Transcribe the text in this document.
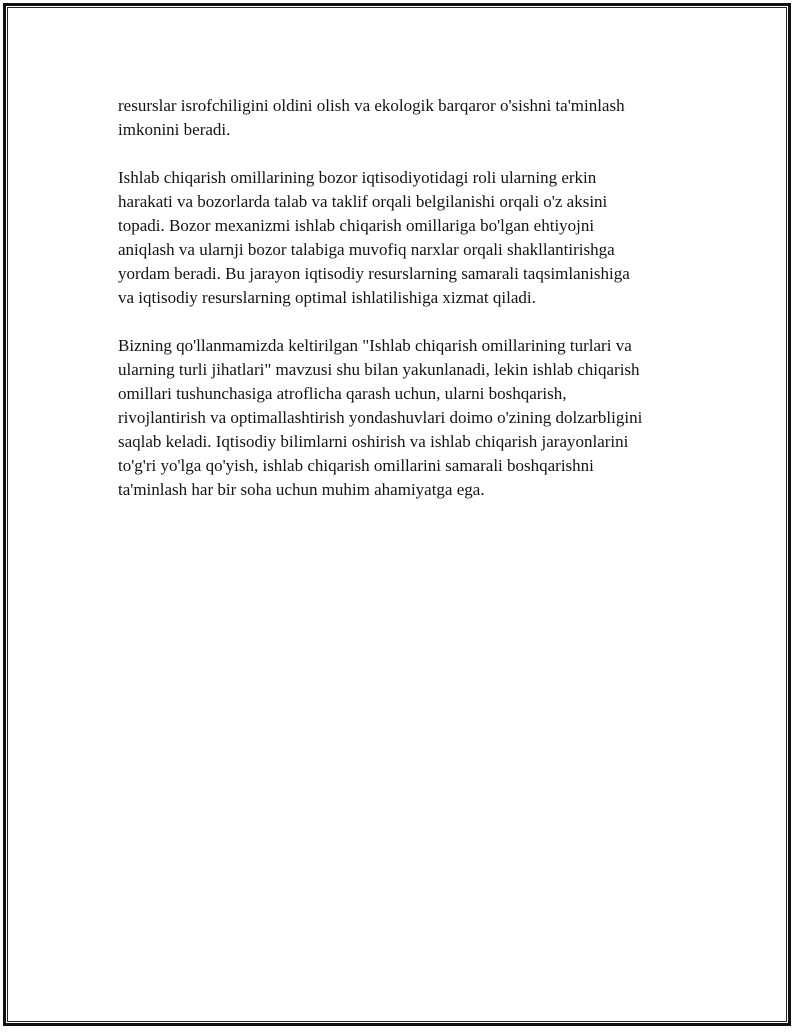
resurslar isrofchiligini oldini olish va ekologik barqaror o'sishni ta'minlash
imkonini beradi.

Ishlab chiqarish omillarining bozor iqtisodiyotidagi roli ularning erkin
harakati va bozorlarda talab va taklif orqali belgilanishi orqali o'z aksini
topadi. Bozor mexanizmi ishlab chiqarish omillariga bo'lgan ehtiyojni
aniqlash va ularnji bozor talabiga muvofiq narxlar orqali shakllantirishga
yordam beradi. Bu jarayon iqtisodiy resurslarning samarali taqsimlanishiga
va iqtisodiy resurslarning optimal ishlatilishiga xizmat qiladi.

Bizning qo'llanmamizda keltirilgan "Ishlab chiqarish omillarining turlari va
ularning turli jihatlari" mavzusi shu bilan yakunlanadi, lekin ishlab chiqarish
omillari tushunchasiga atroflicha qarash uchun, ularni boshqarish,
rivojlantirish va optimallashtirish yondashuvlari doimo o'zining dolzarbligini
saqlab keladi. Iqtisodiy bilimlarni oshirish va ishlab chiqarish jarayonlarini
to'g'ri yo'lga qo'yish, ishlab chiqarish omillarini samarali boshqarishni
ta'minlash har bir soha uchun muhim ahamiyatga ega.
